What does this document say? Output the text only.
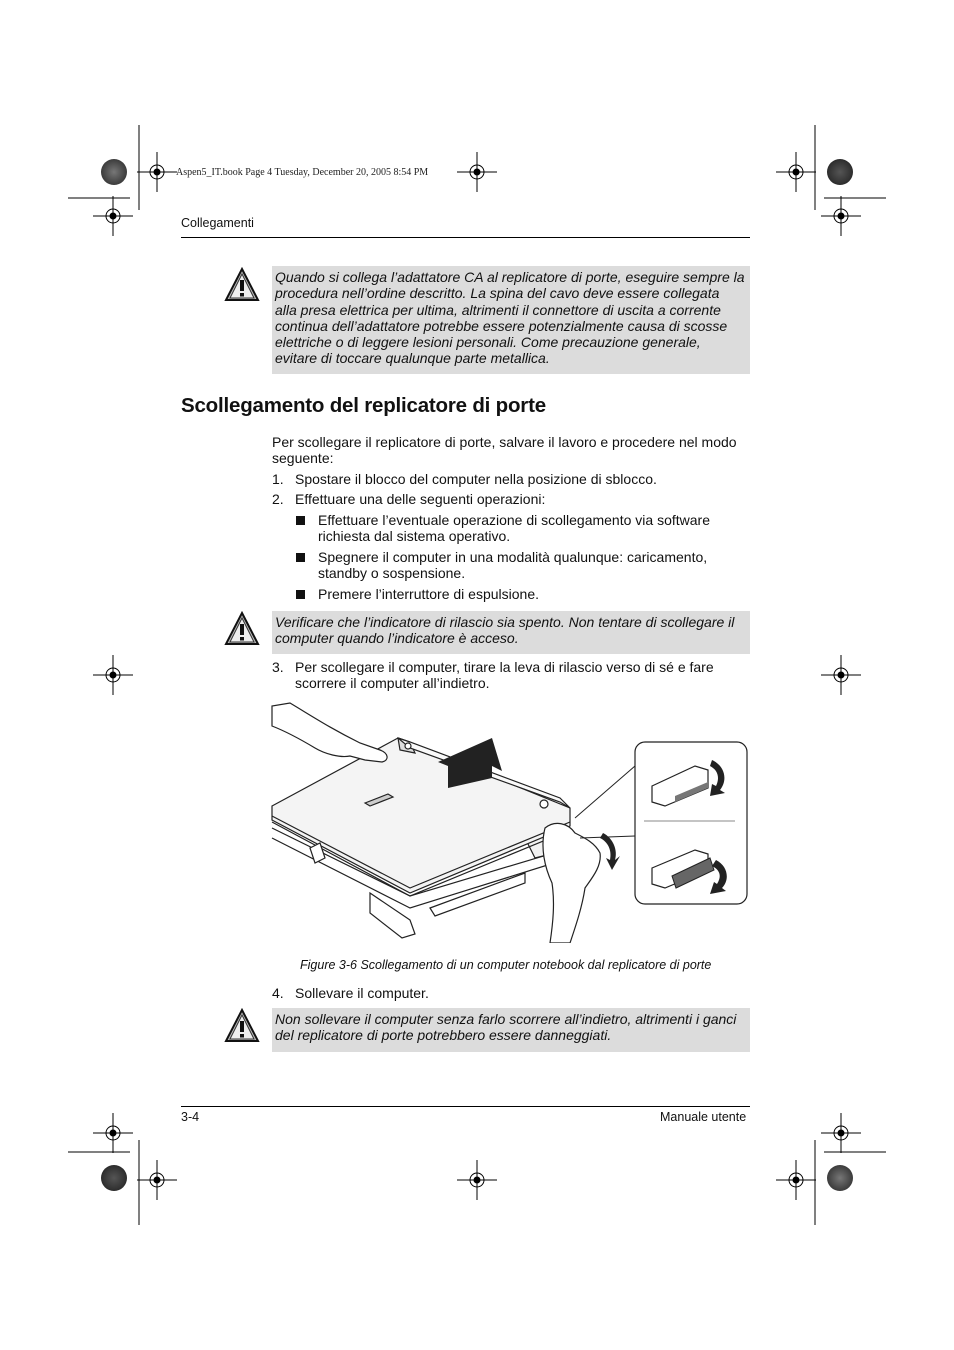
Aspen5_IT.book Page 4 Tuesday, December 20, 2005 8:54 PM
Collegamenti
Quando si collega l’adattatore CA al replicatore di porte, eseguire sempre la procedura nell’ordine descritto. La spina del cavo deve essere collegata alla presa elettrica per ultima, altrimenti il connettore di uscita a corrente continua dell’adattatore potrebbe essere potenzialmente causa di scosse elettriche o di leggere lesioni personali. Come precauzione generale, evitare di toccare qualunque parte metallica.
Scollegamento del replicatore di porte
Per scollegare il replicatore di porte, salvare il lavoro e procedere nel modo seguente:
1. Spostare il blocco del computer nella posizione di sblocco.
2. Effettuare una delle seguenti operazioni:
Effettuare l’eventuale operazione di scollegamento via software richiesta dal sistema operativo.
Spegnere il computer in una modalità qualunque: caricamento, standby o sospensione.
Premere l’interruttore di espulsione.
Verificare che l’indicatore di rilascio sia spento. Non tentare di scollegare il computer quando l’indicatore è acceso.
3. Per scollegare il computer, tirare la leva di rilascio verso di sé e fare scorrere il computer all’indietro.
Figure 3-6 Scollegamento di un computer notebook dal replicatore di porte
4. Sollevare il computer.
Non sollevare il computer senza farlo scorrere all’indietro, altrimenti i ganci del replicatore di porte potrebbero essere danneggiati.
3-4	Manuale utente
